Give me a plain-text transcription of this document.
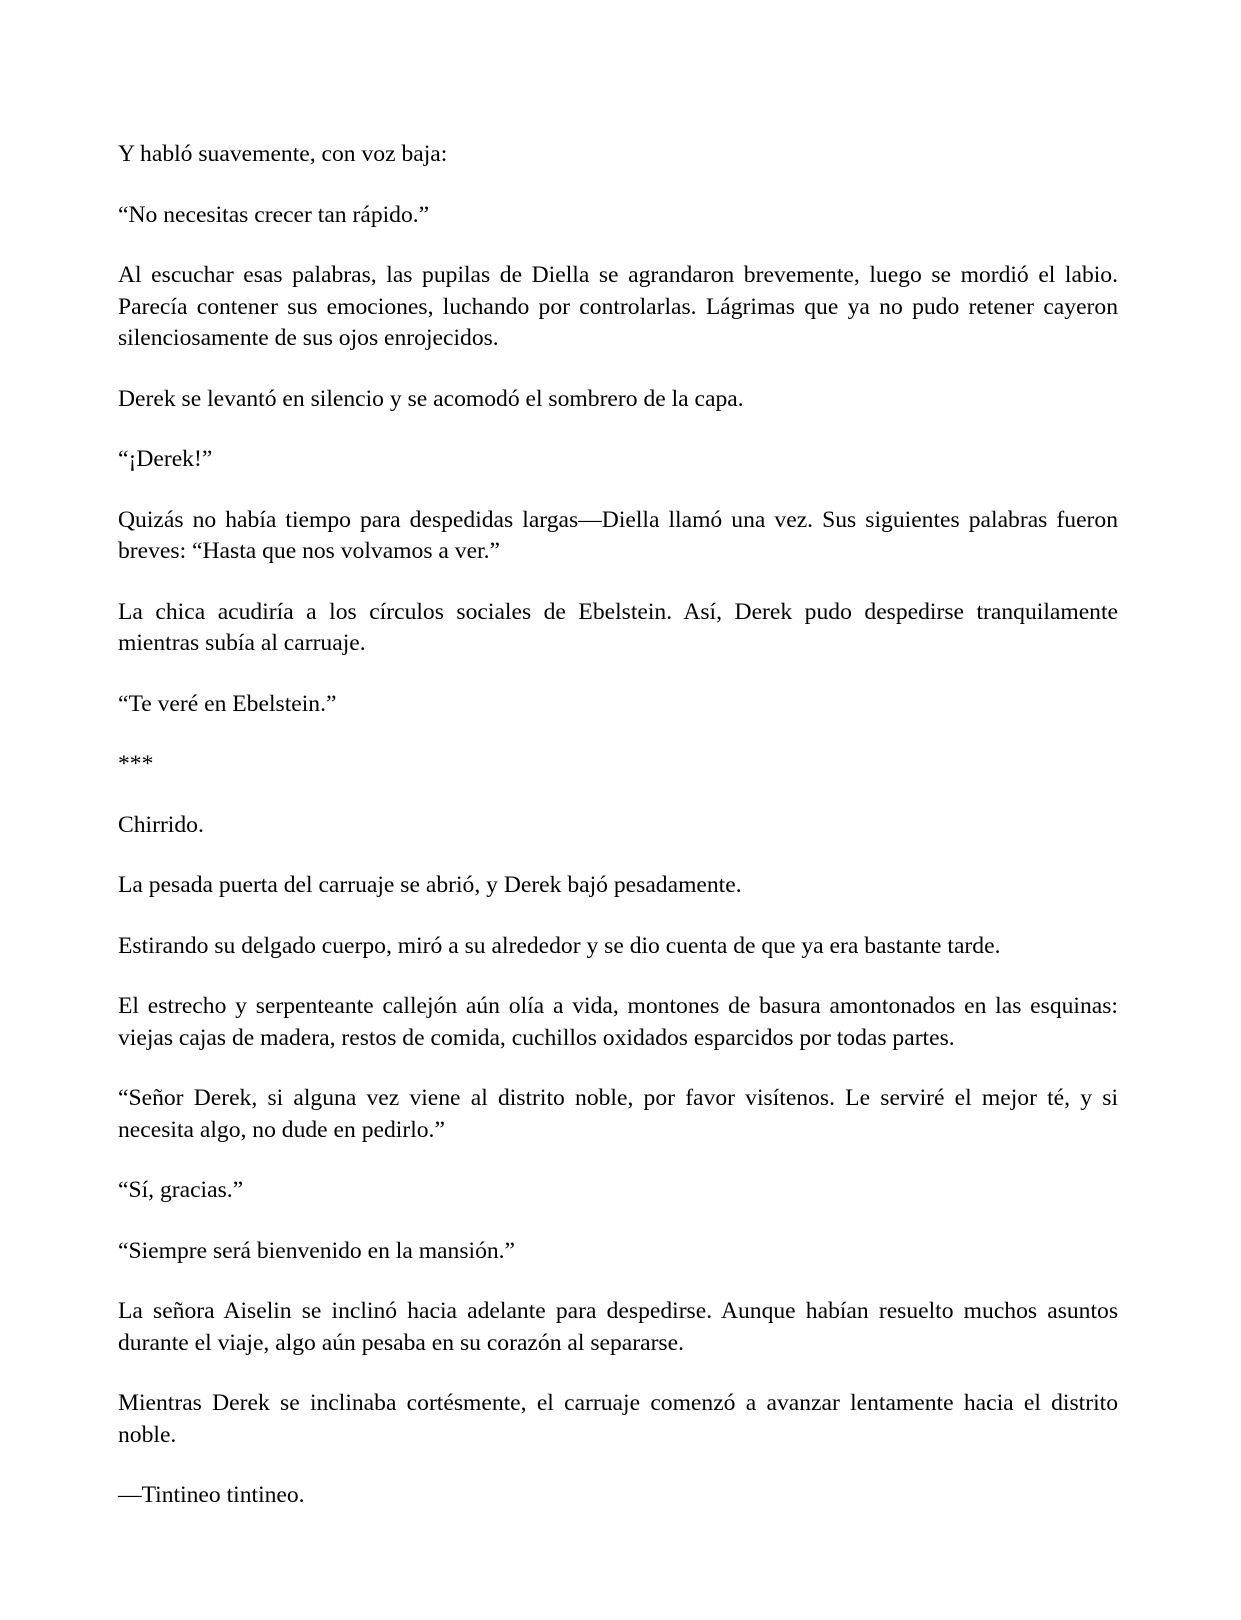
Y habló suavemente, con voz baja:

“No necesitas crecer tan rápido.”

Al escuchar esas palabras, las pupilas de Diella se agrandaron brevemente, luego se mordió el labio. Parecía contener sus emociones, luchando por controlarlas. Lágrimas que ya no pudo retener cayeron silenciosamente de sus ojos enrojecidos.

Derek se levantó en silencio y se acomodó el sombrero de la capa.

“¡Derek!”

Quizás no había tiempo para despedidas largas—Diella llamó una vez. Sus siguientes palabras fueron breves: “Hasta que nos volvamos a ver.”

La chica acudiría a los círculos sociales de Ebelstein. Así, Derek pudo despedirse tranquilamente mientras subía al carruaje.

“Te veré en Ebelstein.”

***

Chirrido.

La pesada puerta del carruaje se abrió, y Derek bajó pesadamente.

Estirando su delgado cuerpo, miró a su alrededor y se dio cuenta de que ya era bastante tarde.

El estrecho y serpenteante callejón aún olía a vida, montones de basura amontonados en las esquinas: viejas cajas de madera, restos de comida, cuchillos oxidados esparcidos por todas partes.

“Señor Derek, si alguna vez viene al distrito noble, por favor visítenos. Le serviré el mejor té, y si necesita algo, no dude en pedirlo.”

“Sí, gracias.”

“Siempre será bienvenido en la mansión.”

La señora Aiselin se inclinó hacia adelante para despedirse. Aunque habían resuelto muchos asuntos durante el viaje, algo aún pesaba en su corazón al separarse.

Mientras Derek se inclinaba cortésmente, el carruaje comenzó a avanzar lentamente hacia el distrito noble.

—Tintineo tintineo.
